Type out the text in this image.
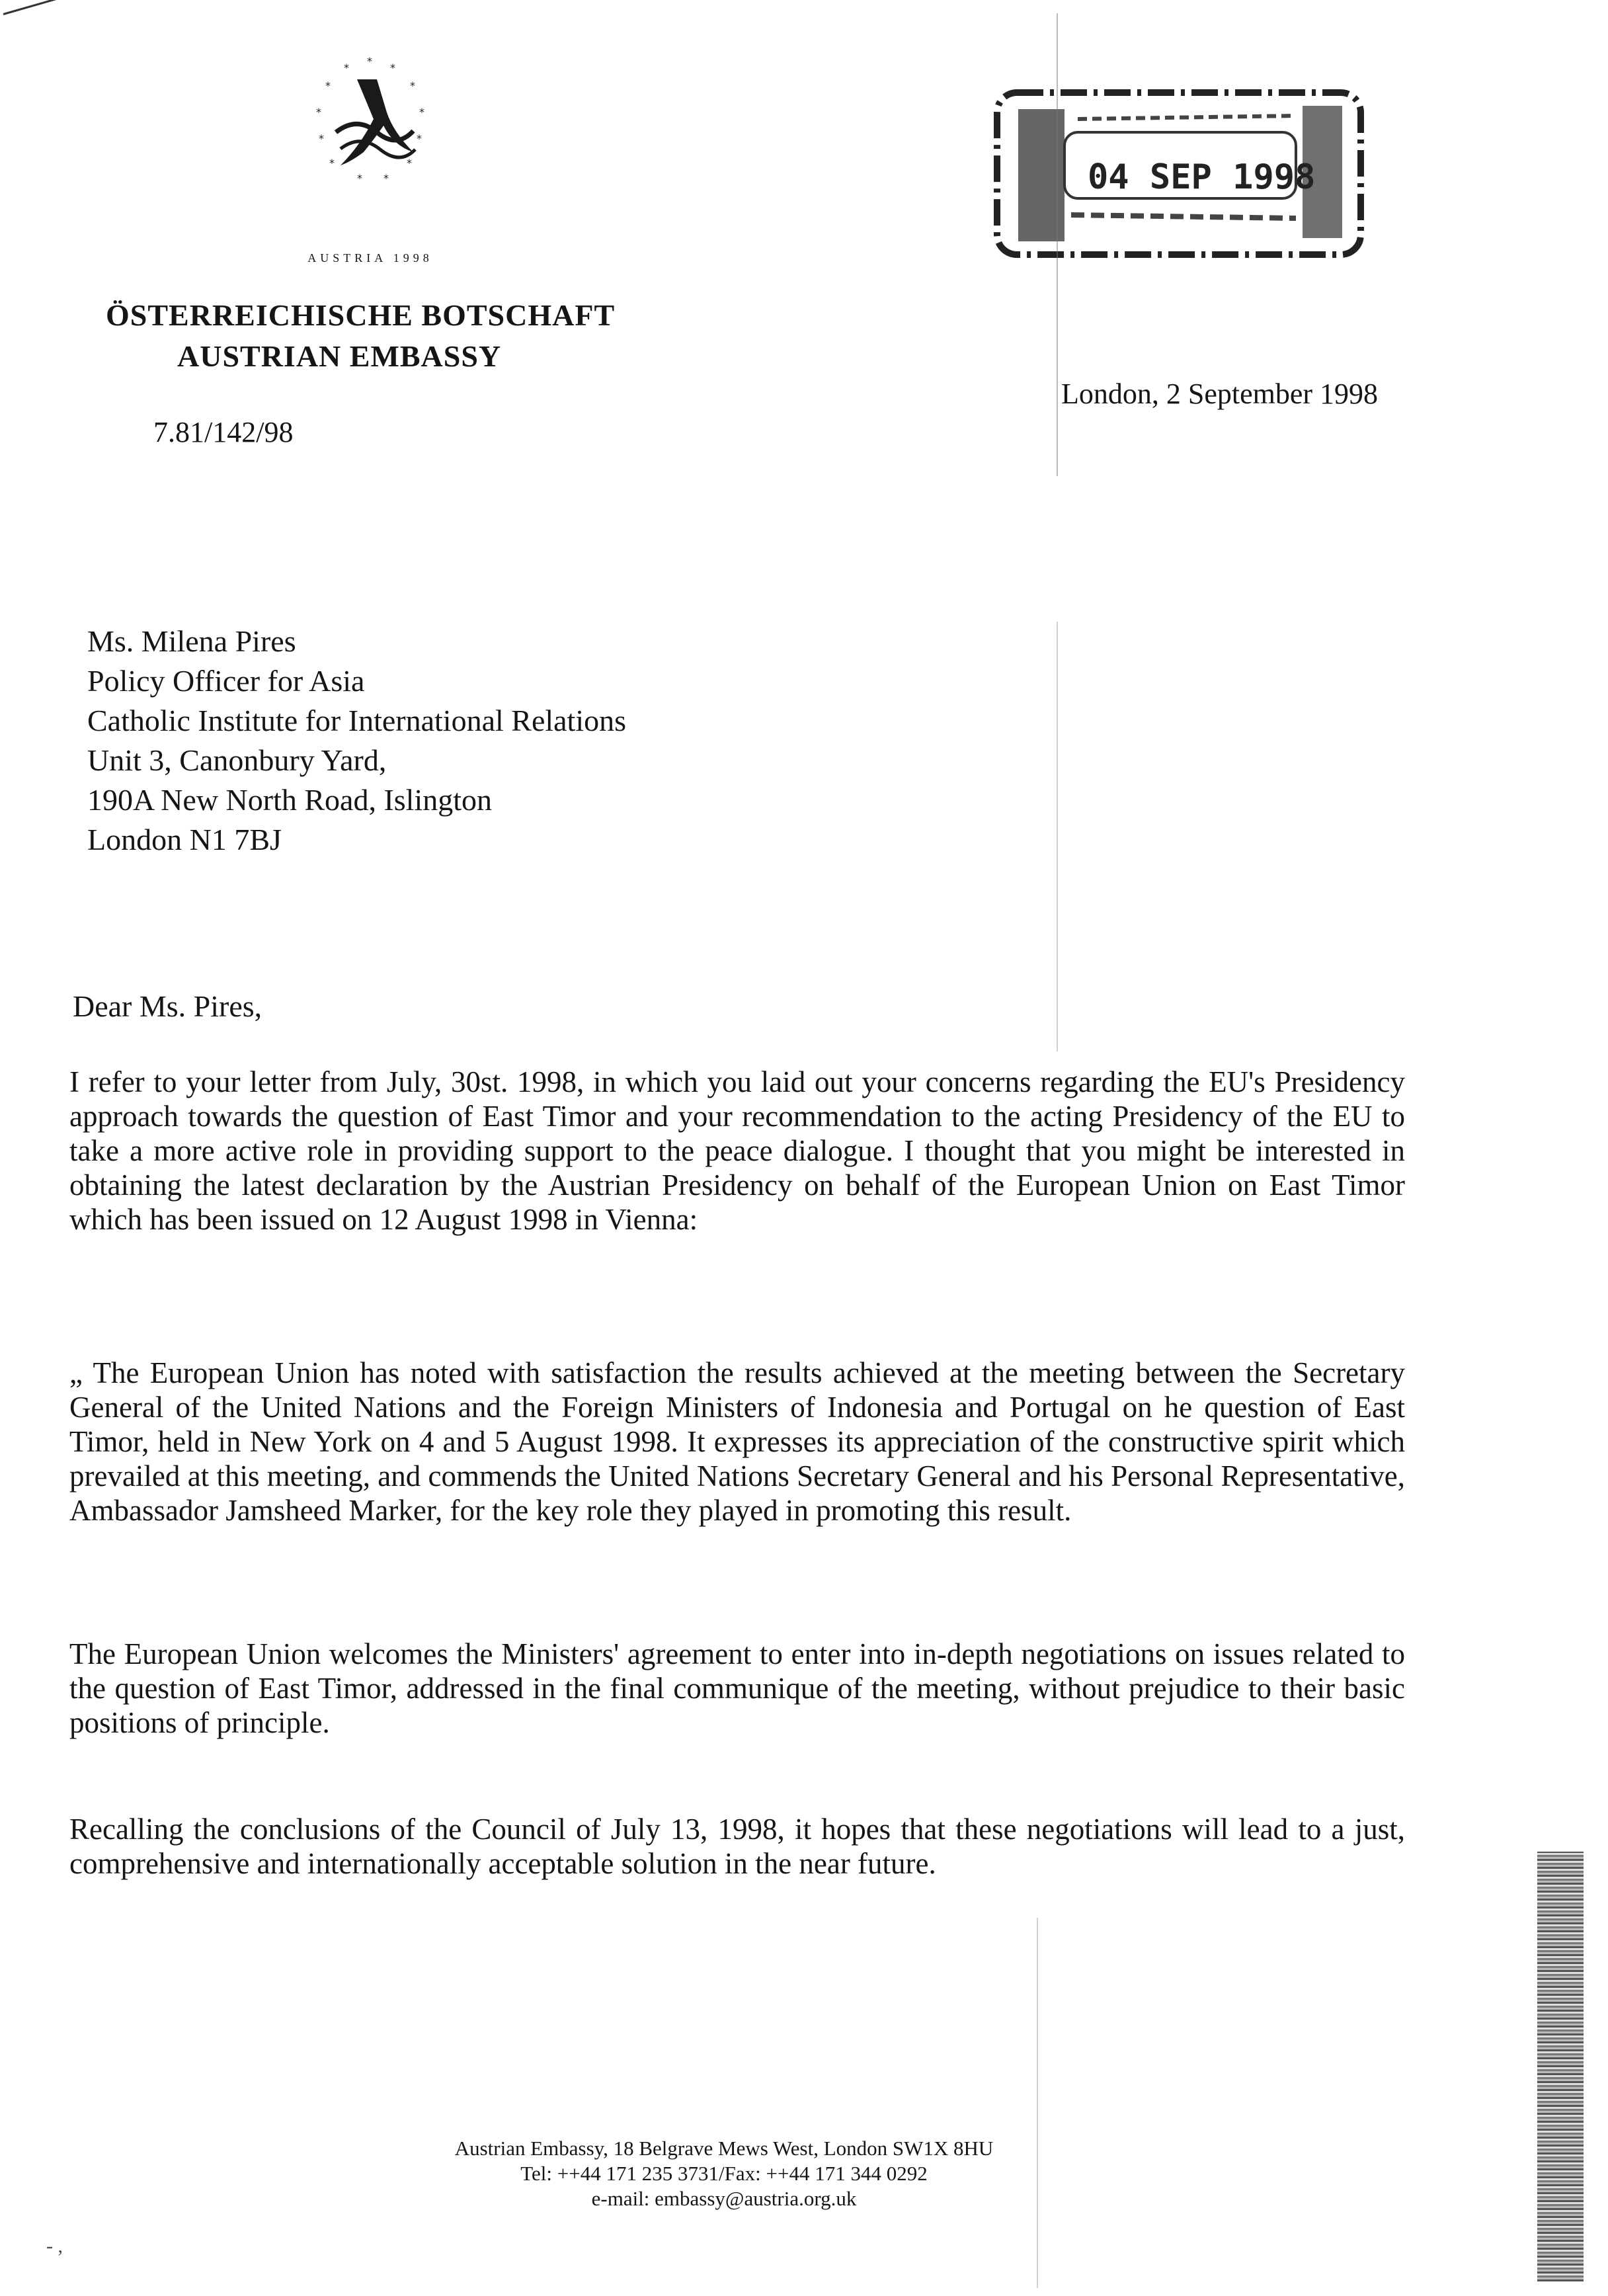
*
*	*
*	*
*	*
*	*
*	*
* *
AUSTRIA 1998
04 SEP 1998
ÖSTERREICHISCHE BOTSCHAFT
AUSTRIAN EMBASSY
7.81/142/98
London, 2 September 1998
Ms. Milena Pires
Policy Officer for Asia
Catholic Institute for International Relations
Unit 3, Canonbury Yard,
190A New North Road, Islington
London N1 7BJ
Dear Ms. Pires,
I refer to your letter from July, 30st. 1998, in which you laid out your concerns regarding the EU's Presidency approach towards the question of East Timor and your recommendation to the acting Presidency of the EU to take a more active role in providing support to the peace dialogue. I thought that you might be interested in obtaining the latest declaration by the Austrian Presidency on behalf of the European Union on East Timor which has been issued on 12 August 1998 in Vienna:
„ The European Union has noted with satisfaction the results achieved at the meeting between the Secretary General of the United Nations and the Foreign Ministers of Indonesia and Portugal on he question of East Timor, held in New York on 4 and 5 August 1998. It expresses its appreciation of the constructive spirit which prevailed at this meeting, and commends the United Nations Secretary General and his Personal Representative, Ambassador Jamsheed Marker, for the key role they played in promoting this result.
The European Union welcomes the Ministers' agreement to enter into in-depth negotiations on issues related to the question of East Timor, addressed in the final communique of the meeting, without prejudice to their basic positions of principle.
Recalling the conclusions of the Council of July 13, 1998, it hopes that these negotiations will lead to a just, comprehensive and internationally acceptable solution in the near future.
Austrian Embassy, 18 Belgrave Mews West, London SW1X 8HU
Tel: ++44 171 235 3731/Fax: ++44 171 344 0292
e-mail: embassy@austria.org.uk
- ,
